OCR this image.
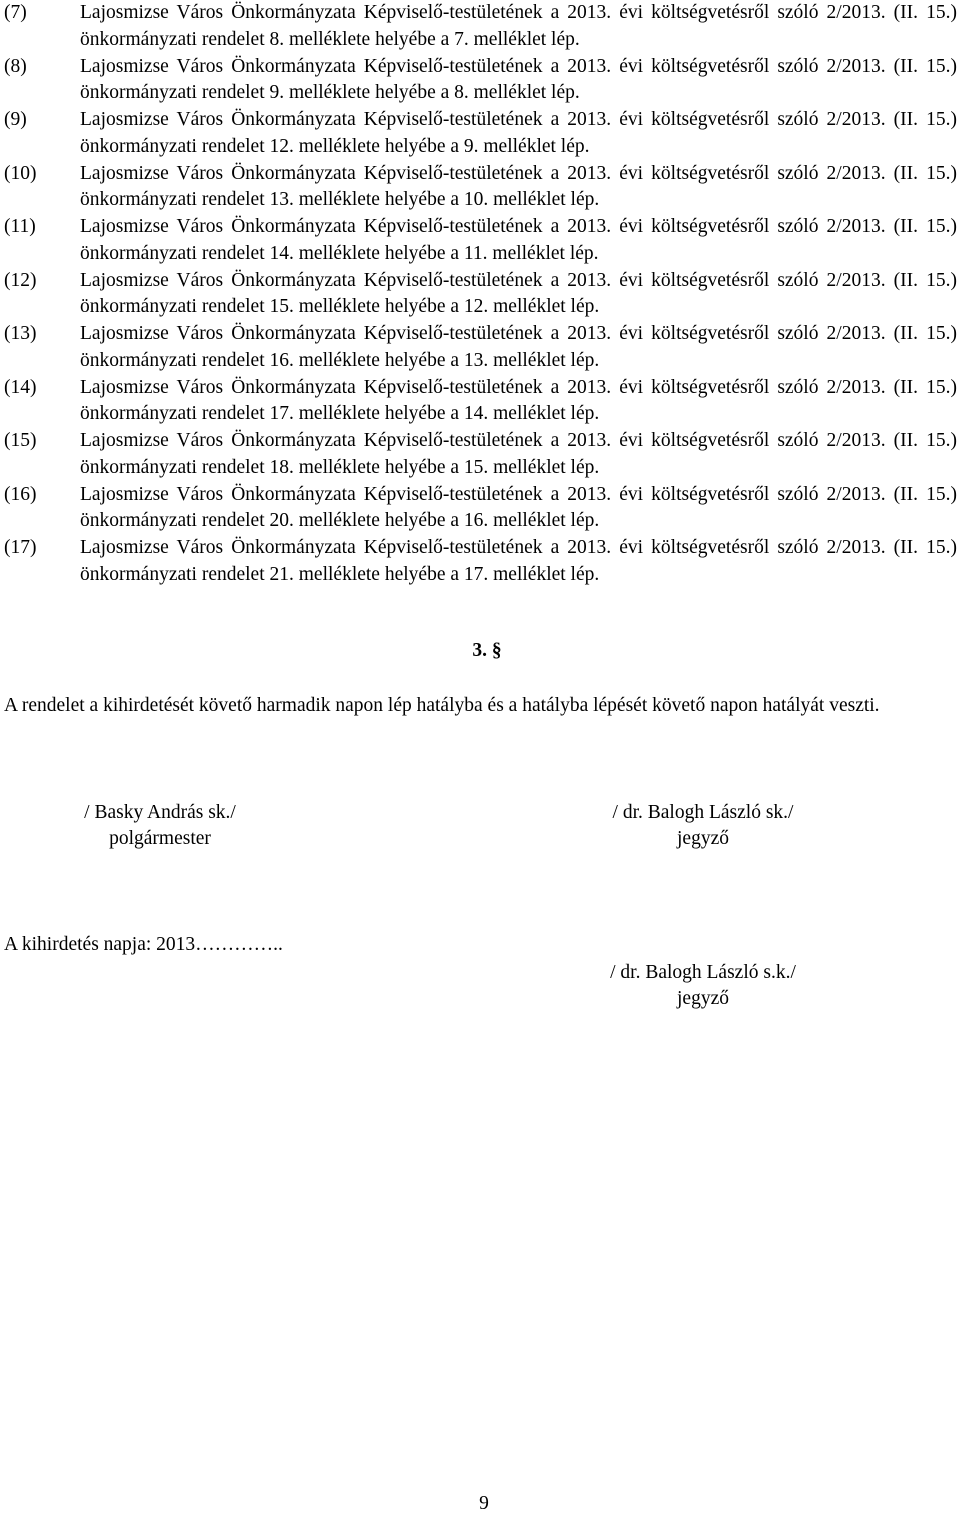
(7)	Lajosmizse Város Önkormányzata Képviselő-testületének a 2013. évi költségvetésről szóló 2/2013. (II. 15.) önkormányzati rendelet 8. melléklete helyébe a 7. melléklet lép.
(8)	Lajosmizse Város Önkormányzata Képviselő-testületének a 2013. évi költségvetésről szóló 2/2013. (II. 15.) önkormányzati rendelet 9. melléklete helyébe a 8. melléklet lép.
(9)	Lajosmizse Város Önkormányzata Képviselő-testületének a 2013. évi költségvetésről szóló 2/2013. (II. 15.) önkormányzati rendelet 12. melléklete helyébe a 9. melléklet lép.
(10) Lajosmizse Város Önkormányzata Képviselő-testületének a 2013. évi költségvetésről szóló 2/2013. (II. 15.) önkormányzati rendelet 13. melléklete helyébe a 10. melléklet lép.
(11) Lajosmizse Város Önkormányzata Képviselő-testületének a 2013. évi költségvetésről szóló 2/2013. (II. 15.) önkormányzati rendelet 14. melléklete helyébe a 11. melléklet lép.
(12) Lajosmizse Város Önkormányzata Képviselő-testületének a 2013. évi költségvetésről szóló 2/2013. (II. 15.) önkormányzati rendelet 15. melléklete helyébe a 12. melléklet lép.
(13) Lajosmizse Város Önkormányzata Képviselő-testületének a 2013. évi költségvetésről szóló 2/2013. (II. 15.) önkormányzati rendelet 16. melléklete helyébe a 13. melléklet lép.
(14) Lajosmizse Város Önkormányzata Képviselő-testületének a 2013. évi költségvetésről szóló 2/2013. (II. 15.) önkormányzati rendelet 17. melléklete helyébe a 14. melléklet lép.
(15) Lajosmizse Város Önkormányzata Képviselő-testületének a 2013. évi költségvetésről szóló 2/2013. (II. 15.) önkormányzati rendelet 18. melléklete helyébe a 15. melléklet lép.
(16) Lajosmizse Város Önkormányzata Képviselő-testületének a 2013. évi költségvetésről szóló 2/2013. (II. 15.) önkormányzati rendelet 20. melléklete helyébe a 16. melléklet lép.
(17) Lajosmizse Város Önkormányzata Képviselő-testületének a 2013. évi költségvetésről szóló 2/2013. (II. 15.) önkormányzati rendelet 21. melléklete helyébe a 17. melléklet lép.
3. §
A rendelet a kihirdetését követő harmadik napon lép hatályba és a hatályba lépését követő napon hatályát veszti.
/ Basky András sk./
polgármester
/ dr. Balogh László sk./
jegyző
A kihirdetés napja: 2013…………..
/ dr. Balogh László s.k./
jegyző
9
